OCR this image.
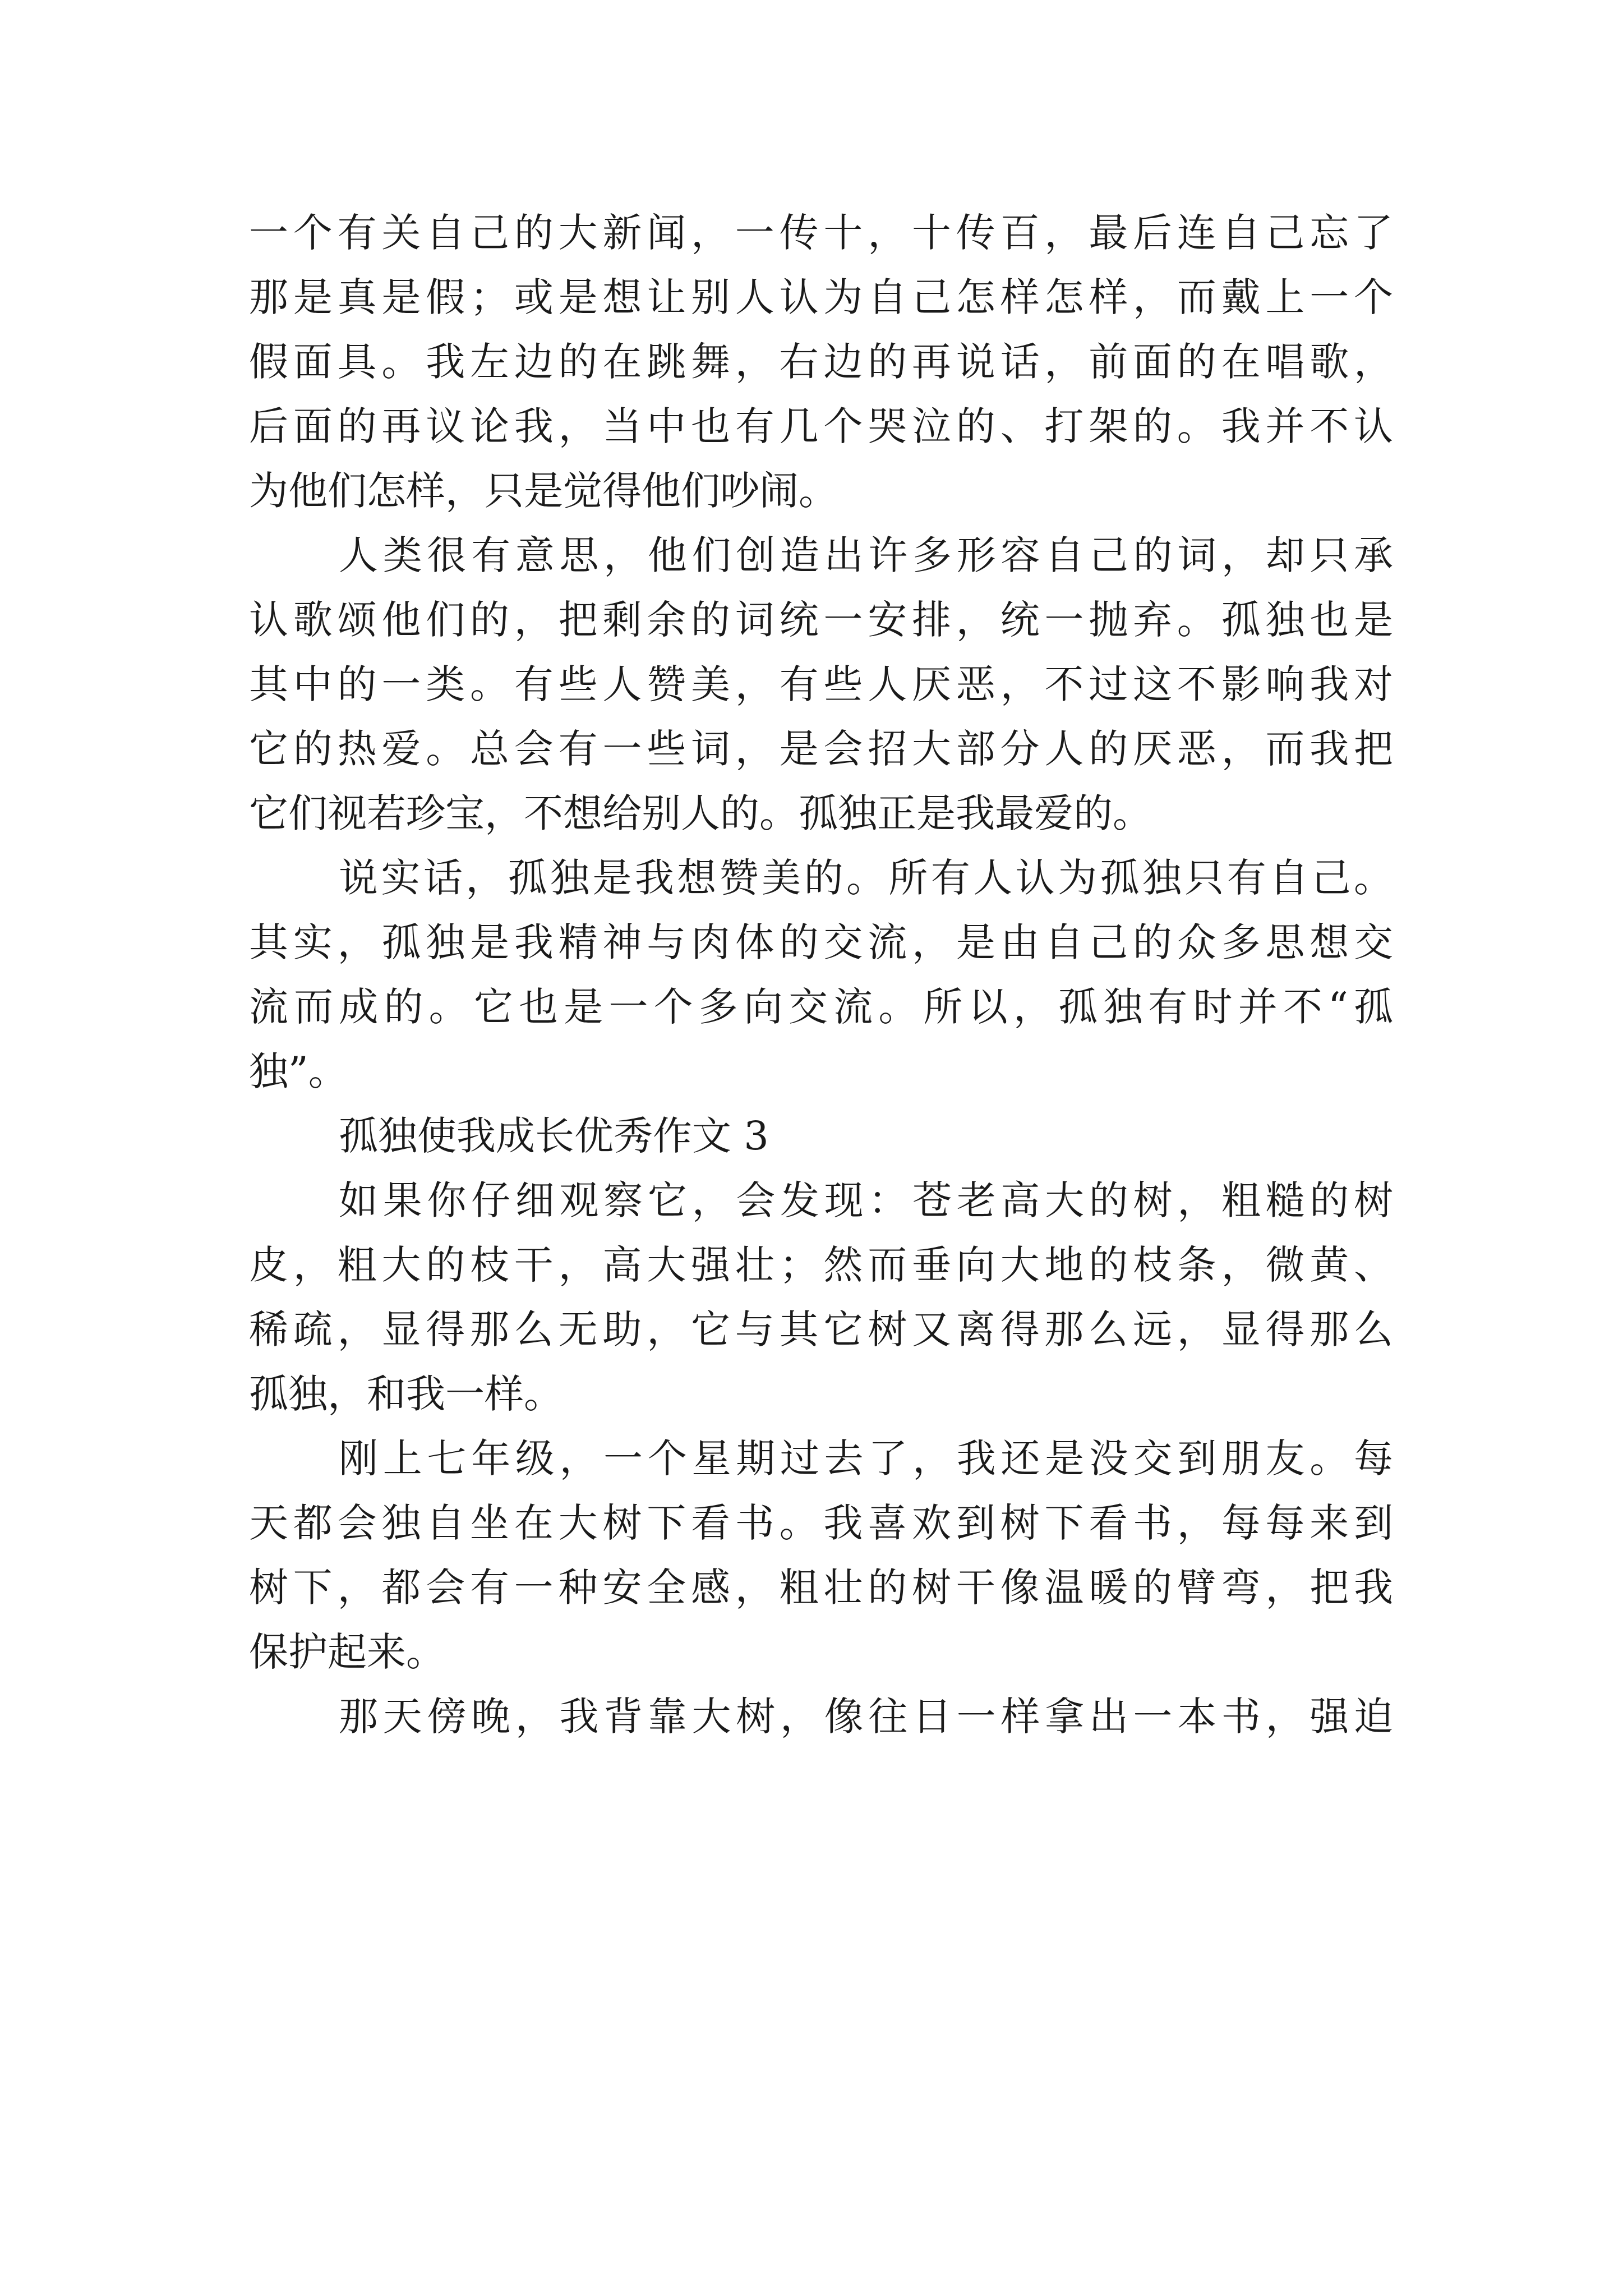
一个有关自己的大新闻，一传十，十传百，最后连自己忘了
那是真是假；或是想让别人认为自己怎样怎样，而戴上一个
假面具。我左边的在跳舞，右边的再说话，前面的在唱歌，
后面的再议论我，当中也有几个哭泣的、打架的。我并不认
为他们怎样，只是觉得他们吵闹。
人类很有意思，他们创造出许多形容自己的词，却只承
认歌颂他们的，把剩余的词统一安排，统一抛弃。孤独也是
其中的一类。有些人赞美，有些人厌恶，不过这不影响我对
它的热爱。总会有一些词，是会招大部分人的厌恶，而我把
它们视若珍宝，不想给别人的。孤独正是我最爱的。
说实话，孤独是我想赞美的。所有人认为孤独只有自己。
其实，孤独是我精神与肉体的交流，是由自己的众多思想交
流而成的。它也是一个多向交流。所以，孤独有时并不“孤
独”。
孤独使我成长优秀作文 3
如果你仔细观察它，会发现：苍老高大的树，粗糙的树
皮，粗大的枝干，高大强壮；然而垂向大地的枝条，微黄、
稀疏，显得那么无助，它与其它树又离得那么远，显得那么
孤独，和我一样。
刚上七年级，一个星期过去了，我还是没交到朋友。每
天都会独自坐在大树下看书。我喜欢到树下看书，每每来到
树下，都会有一种安全感，粗壮的树干像温暖的臂弯，把我
保护起来。
那天傍晚，我背靠大树，像往日一样拿出一本书，强迫
